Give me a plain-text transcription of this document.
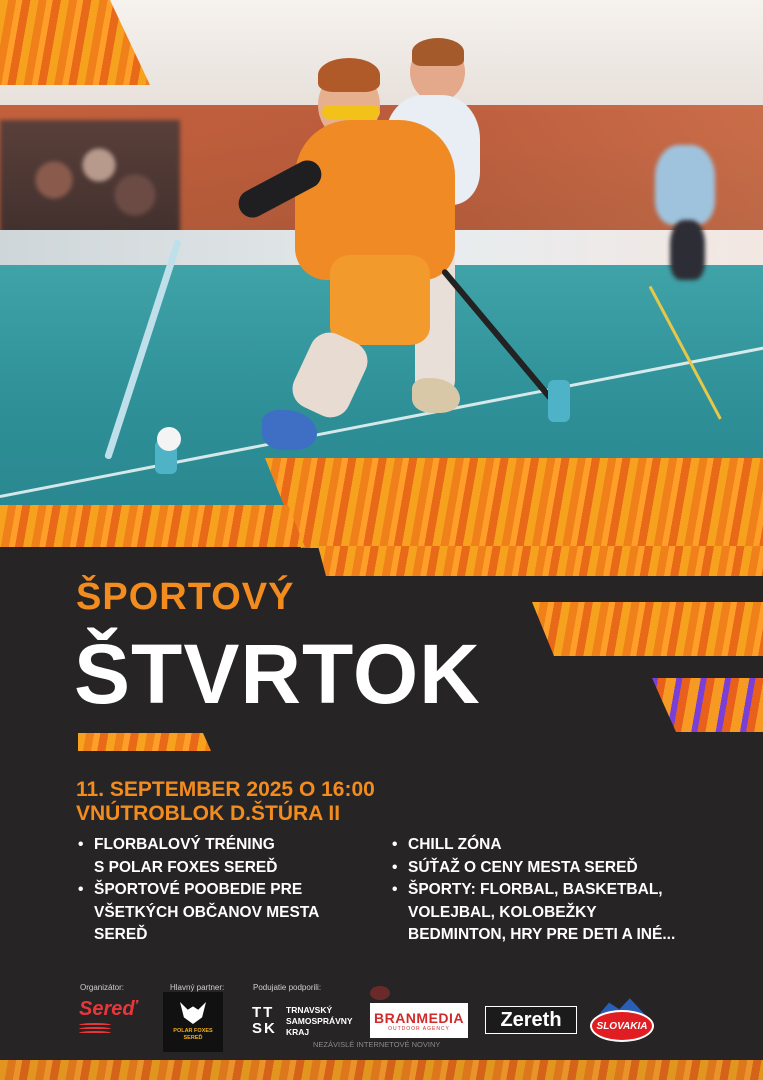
ŠPORTOVÝ
ŠTVRTOK
11. SEPTEMBER 2025 O 16:00
VNÚTROBLOK D.ŠTÚRA II
• FLORBALOVÝ TRÉNING
S POLAR FOXES SEREĎ
• ŠPORTOVÉ POOBEDIE PRE
VŠETKÝCH OBČANOV MESTA
SEREĎ
• CHILL ZÓNA
• SÚŤAŽ O CENY MESTA SEREĎ
• ŠPORTY: FLORBAL, BASKETBAL,
VOLEJBAL, KOLOBEŽKY
BEDMINTON, HRY PRE DETI A INÉ...
Organizátor:	Hlavný partner:	Podujatie podporili:
Sereď
POLAR FOXES SEREĎ
TT
SK
TRNAVSKÝ
SAMOSPRÁVNY
KRAJ
NEZÁVISLÉ INTERNETOVÉ NOVINY
BRANMEDIA
OUTDOOR AGENCY	Zereth	SLOVAKIA
